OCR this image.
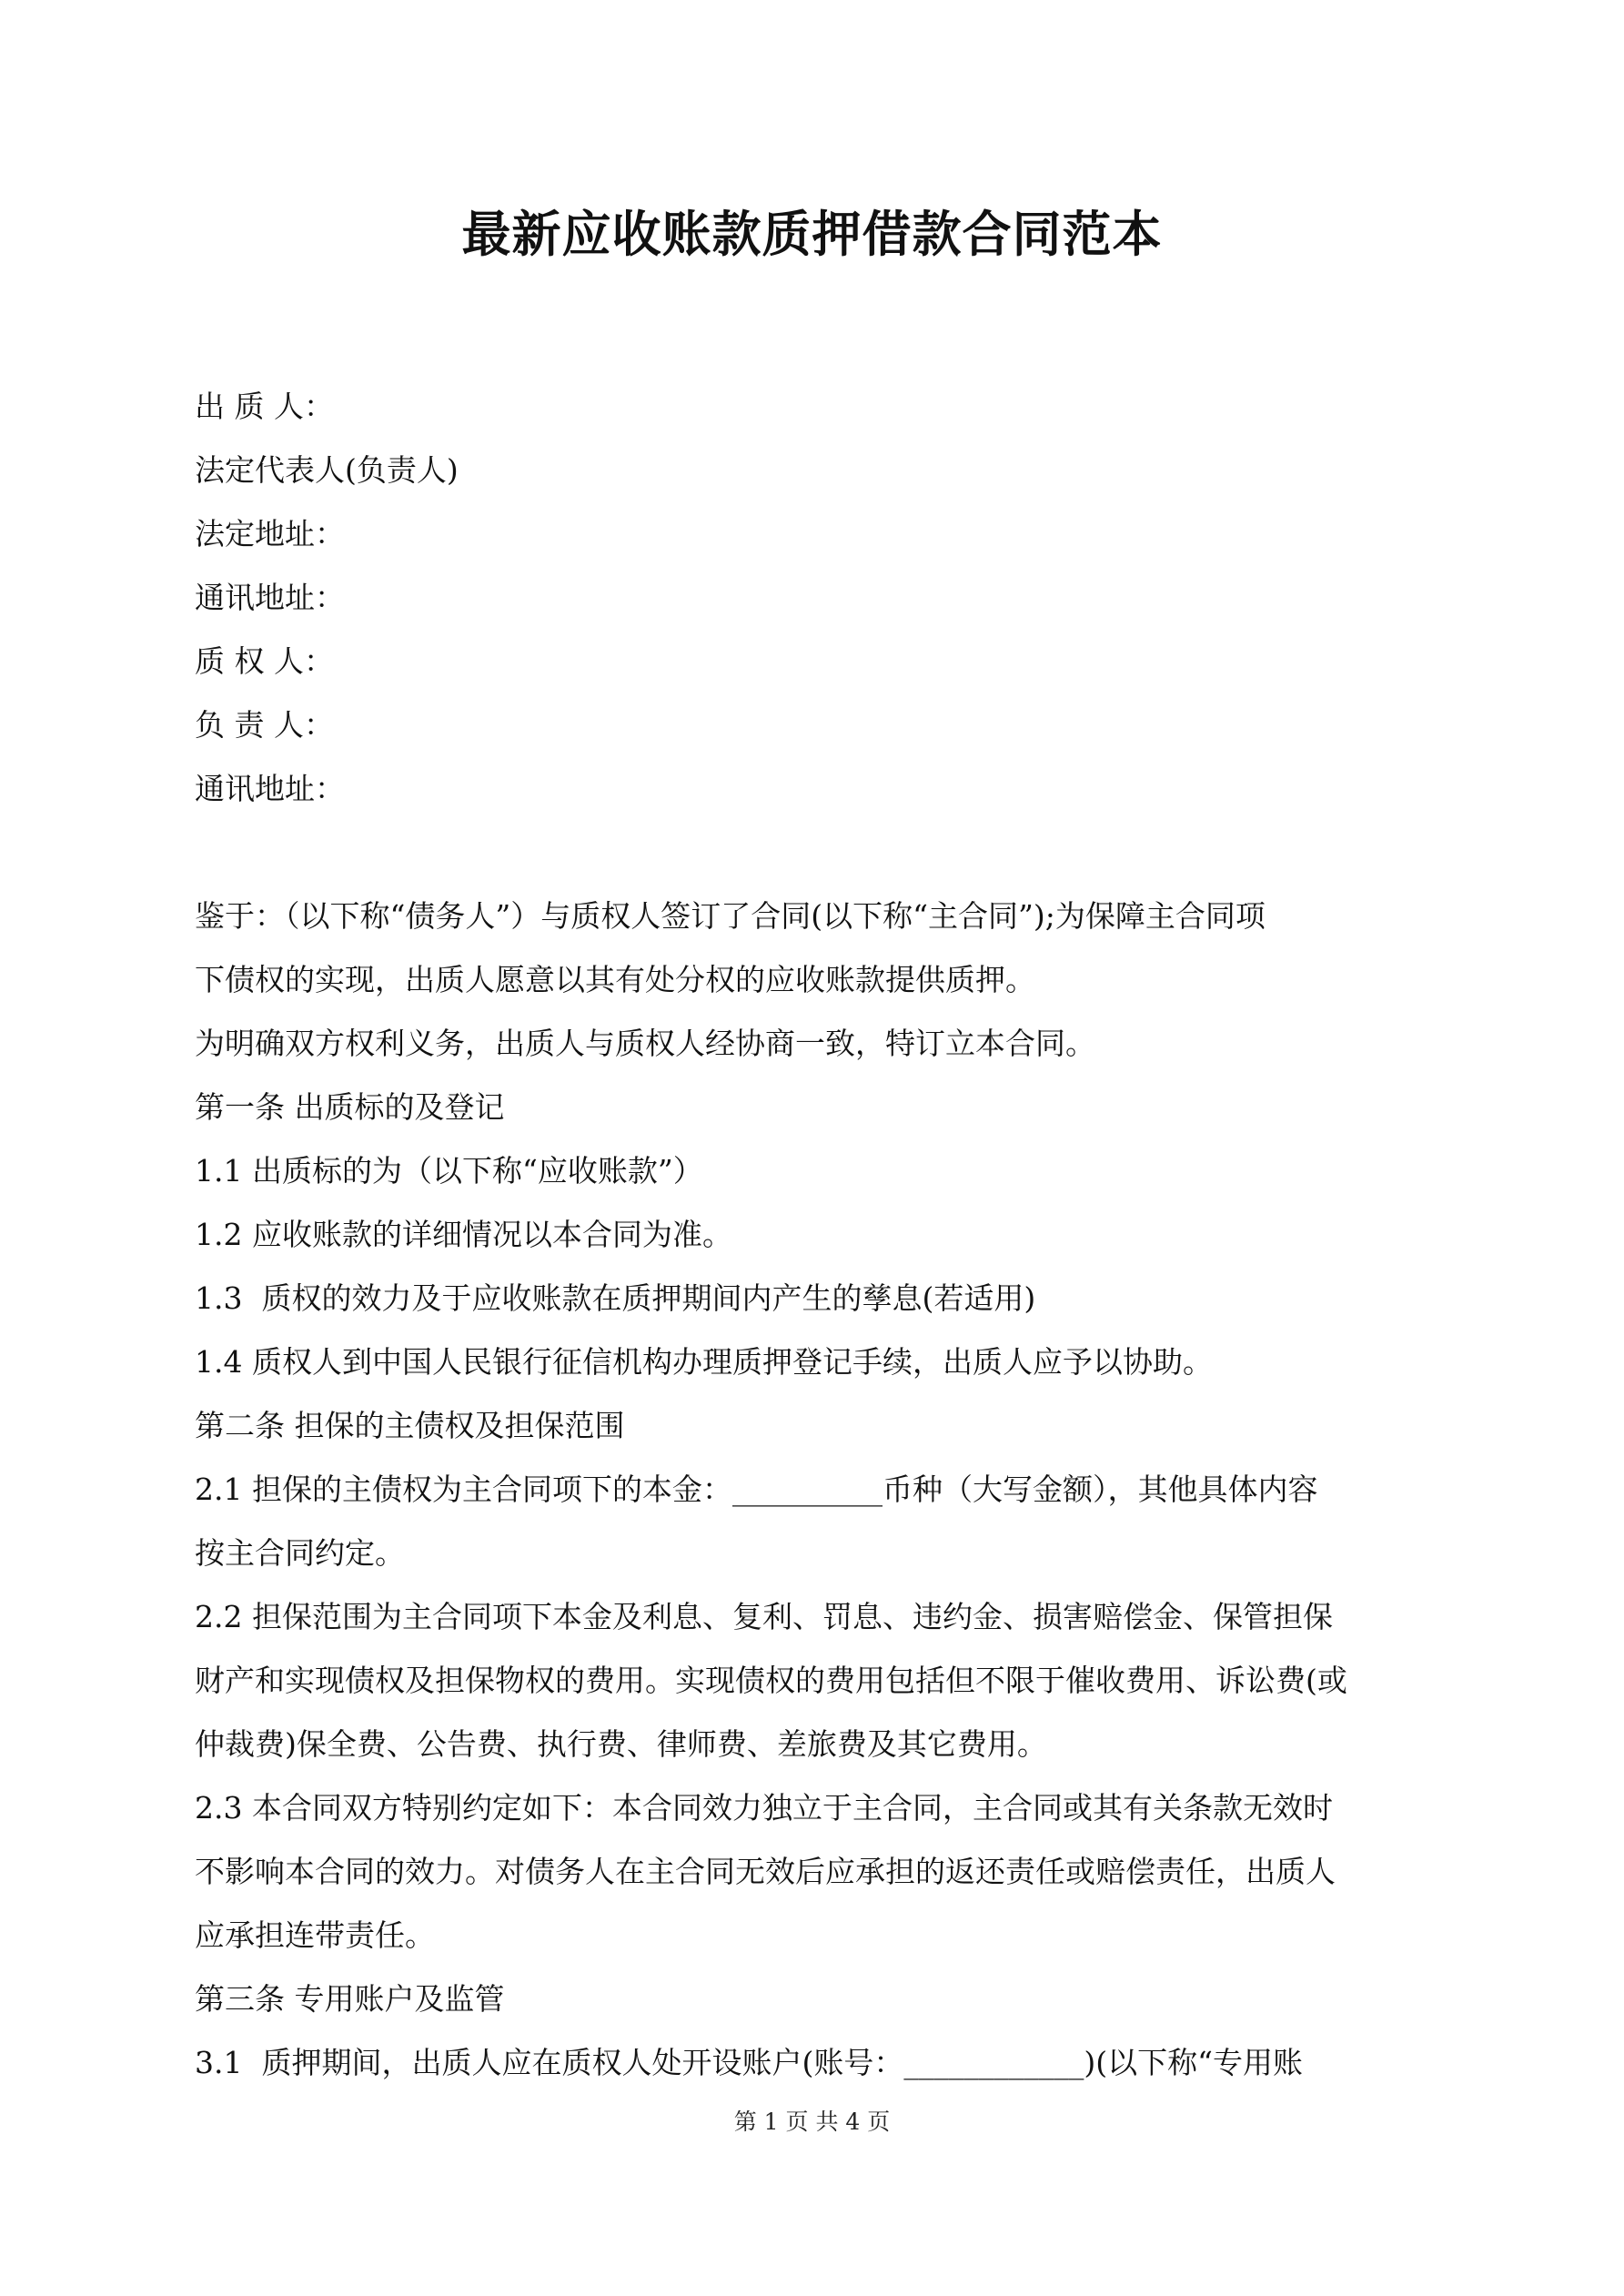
最新应收账款质押借款合同范本
出 质 人：
法定代表人(负责人)
法定地址：
通讯地址：
质 权 人：
负 责 人：
通讯地址：
鉴于：（以下称“债务人”）与质权人签订了合同(以下称“主合同”);为保障主合同项
下债权的实现，出质人愿意以其有处分权的应收账款提供质押。
为明确双方权利义务，出质人与质权人经协商一致，特订立本合同。
第一条 出质标的及登记
1.1 出质标的为（以下称“应收账款”）
1.2 应收账款的详细情况以本合同为准。
1.3  质权的效力及于应收账款在质押期间内产生的孳息(若适用)
1.4 质权人到中国人民银行征信机构办理质押登记手续，出质人应予以协助。
第二条 担保的主债权及担保范围
2.1 担保的主债权为主合同项下的本金：__________币种（大写金额），其他具体内容
按主合同约定。
2.2 担保范围为主合同项下本金及利息、复利、罚息、违约金、损害赔偿金、保管担保
财产和实现债权及担保物权的费用。实现债权的费用包括但不限于催收费用、诉讼费(或
仲裁费)保全费、公告费、执行费、律师费、差旅费及其它费用。
2.3 本合同双方特别约定如下：本合同效力独立于主合同，主合同或其有关条款无效时
不影响本合同的效力。对债务人在主合同无效后应承担的返还责任或赔偿责任，出质人
应承担连带责任。
第三条 专用账户及监管
3.1  质押期间，出质人应在质权人处开设账户(账号：____________)(以下称“专用账
第 1 页 共 4 页
